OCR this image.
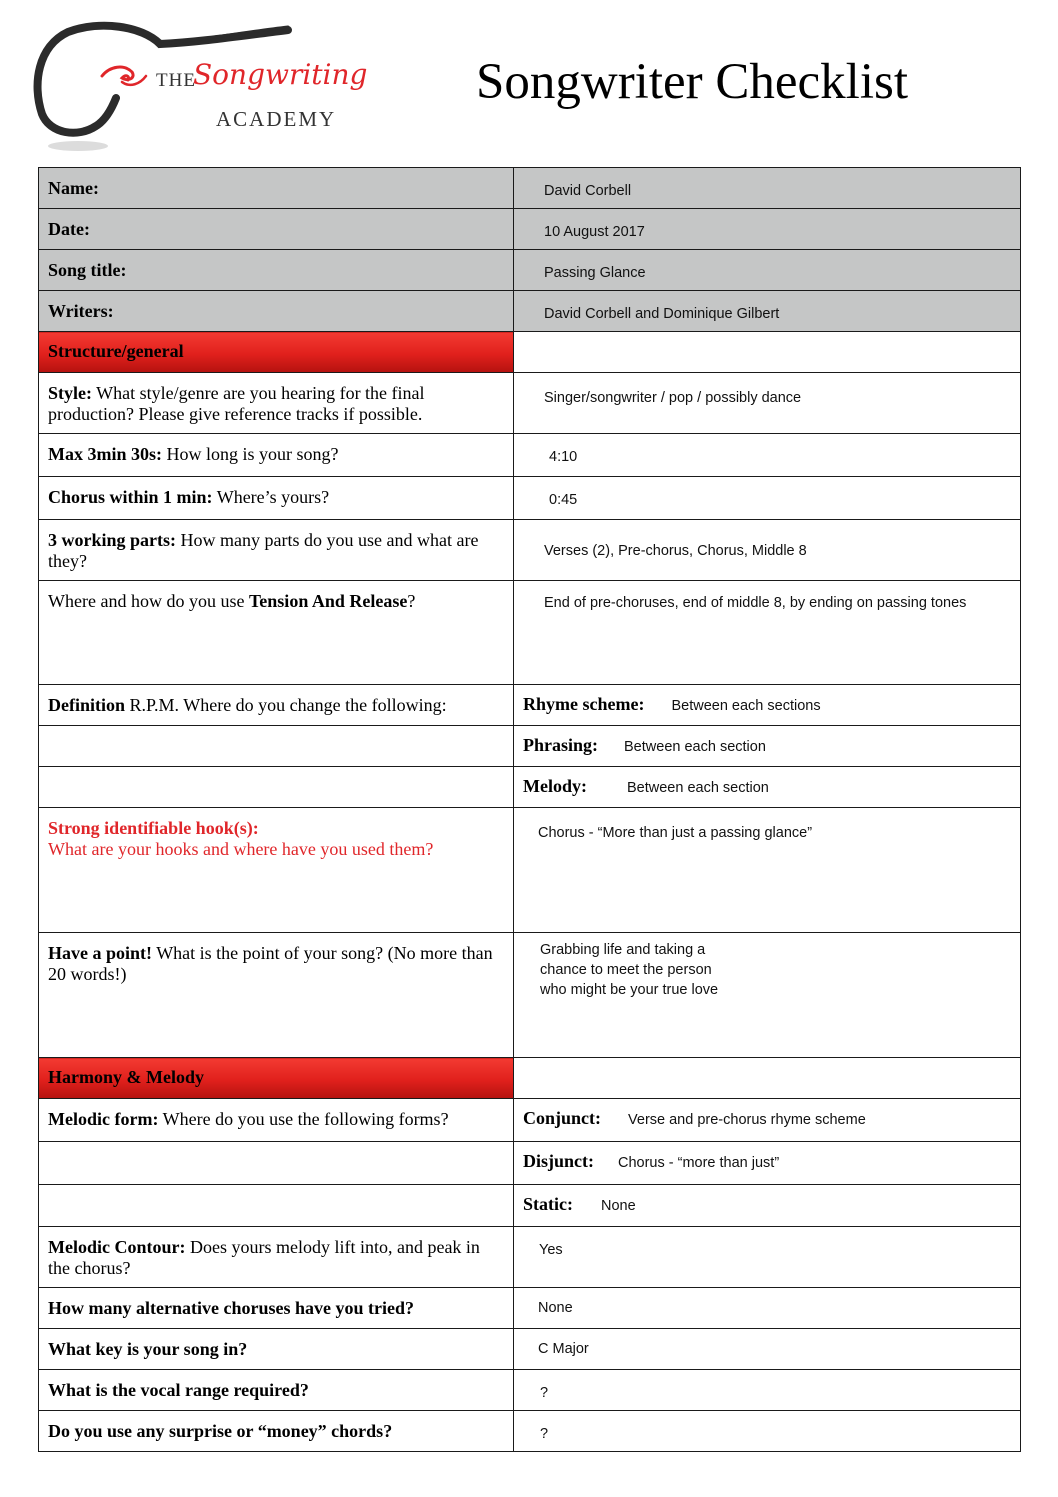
THE
Songwriting
ACADEMY
Songwriter Checklist
Name:	David Corbell

Date:	10 August 2017

Song title:	Passing Glance

Writers:	David Corbell and Dominique Gilbert

Structure/general	

Style: What style/genre are you hearing for the final production? Please give reference tracks if possible.	Singer/songwriter / pop / possibly dance

Max 3min 30s: How long is your song?	4:10

Chorus within 1 min: Where’s yours?	0:45

3 working parts: How many parts do you use and what are they?	Verses (2), Pre-chorus, Chorus, Middle 8

Where and how do you use Tension And Release?	End of pre-choruses, end of middle 8, by ending on passing tones

Definition R.P.M. Where do you change the following:	Rhyme scheme: Between each sections

	Phrasing: Between each section

	Melody: Between each section

Strong identifiable hook(s):
What are your hooks and where have you used them?	Chorus - “More than just a passing glance”

Have a point! What is the point of your song? (No more than 20 words!)	Grabbing life and taking a
chance to meet the person
who might be your true love

Harmony & Melody	

Melodic form: Where do you use the following forms?	Conjunct: Verse and pre-chorus rhyme scheme

	Disjunct: Chorus - “more than just”

	Static: None

Melodic Contour: Does yours melody lift into, and peak in the chorus?	Yes

How many alternative choruses have you tried?	None

What key is your song in?	C Major

What is the vocal range required?	?

Do you use any surprise or “money” chords?	?
